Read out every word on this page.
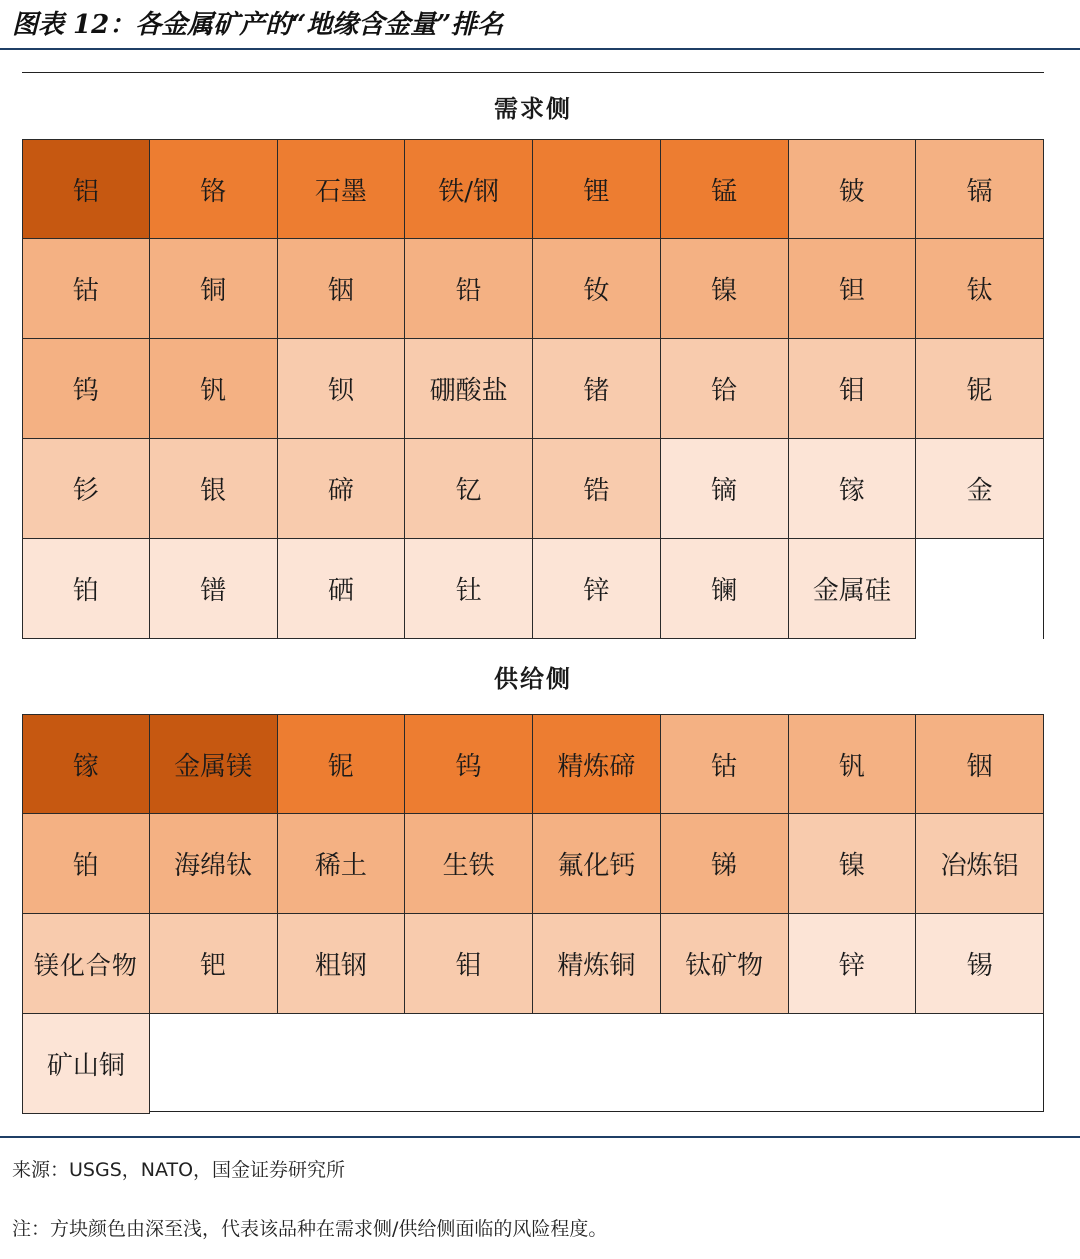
图表 12：各金属矿产的“地缘含金量”排名
需求侧
铝	铬	石墨	铁/钢	锂	锰	铍	镉
钴	铜	铟	铅	钕	镍	钽	钛
钨	钒	钡	硼酸盐	锗	铪	钼	铌
钐	银	碲	钇	锆	镝	镓	金
铂	镨	硒	钍	锌	镧	金属硅
供给侧
镓	金属镁	铌	钨	精炼碲	钴	钒	铟
铂	海绵钛	稀土	生铁	氟化钙	锑	镍	冶炼铝
镁化合物	钯	粗钢	钼	精炼铜	钛矿物	锌	锡
矿山铜
来源：USGS，NATO，国金证券研究所
注：方块颜色由深至浅，代表该品种在需求侧/供给侧面临的风险程度。
